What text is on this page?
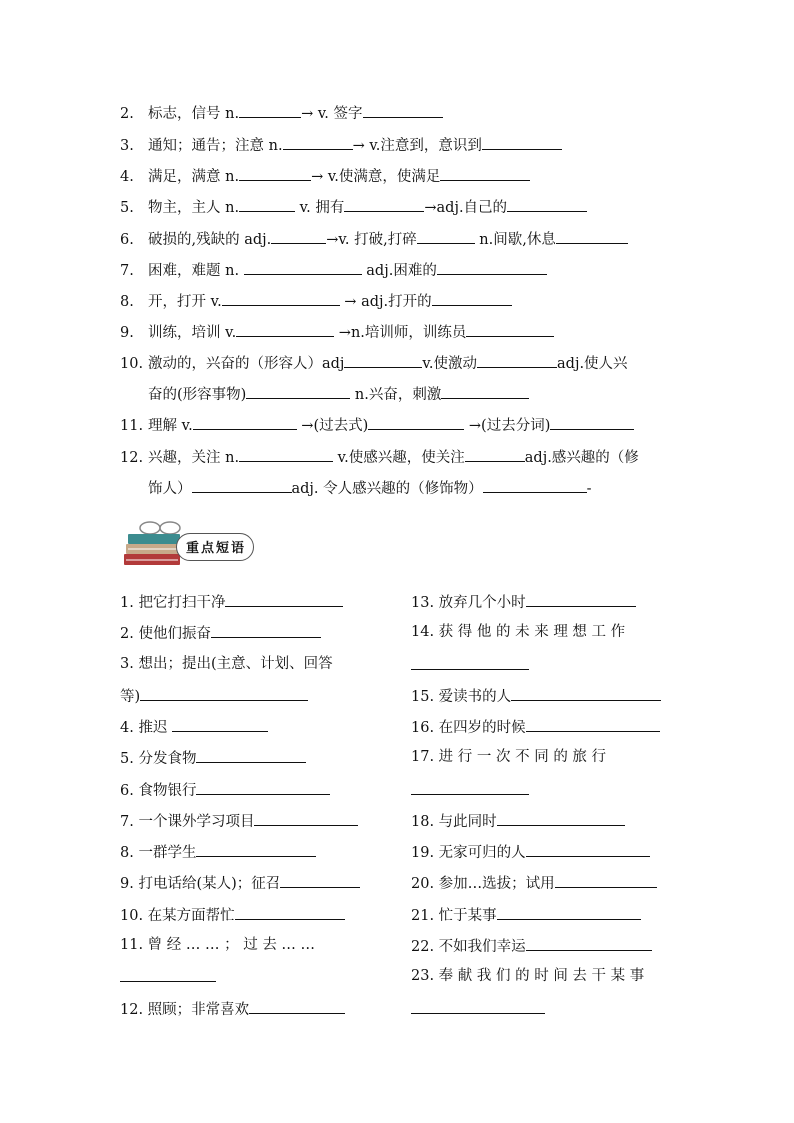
2. 标志，信号 n.	→ v. 签字
3. 通知；通告；注意 n.	→ v.注意到，意识到
4. 满足，满意 n.	→ v.使满意，使满足
5. 物主，主人 n.	v. 拥有	→adj.自己的
6. 破损的,残缺的 adj.	→v. 打破,打碎	n.间歇,休息
7. 困难，难题 n.	adj.困难的
8. 开，打开 v.	→ adj.打开的
9. 训练，培训 v.	→n.培训师，训练员
10. 激动的，兴奋的（形容人）adj	v.使激动	adj.使人兴
奋的(形容事物)	n.兴奋，刺激
11. 理解 v.	→(过去式)	→(过去分词)
12. 兴趣，关注 n.	v.使感兴趣，使关注	adj.感兴趣的（修
饰人）	adj. 令人感兴趣的（修饰物）	-
重点短语
1. 把它打扫干净
2. 使他们振奋
3. 想出；提出(主意、计划、回答
等)
4. 推迟
5. 分发食物
6. 食物银行
7. 一个课外学习项目
8. 一群学生
9. 打电话给(某人)；征召
10. 在某方面帮忙
11. 曾 经 … … ； 过 去 … …
12. 照顾；非常喜欢
13. 放弃几个小时
14. 获 得 他 的 未 来 理 想 工 作
15. 爱读书的人
16. 在四岁的时候
17. 进 行 一 次 不 同 的 旅 行
18. 与此同时
19. 无家可归的人
20. 参加…选拔；试用
21. 忙于某事
22. 不如我们幸运
23. 奉 献 我 们 的 时 间 去 干 某 事
